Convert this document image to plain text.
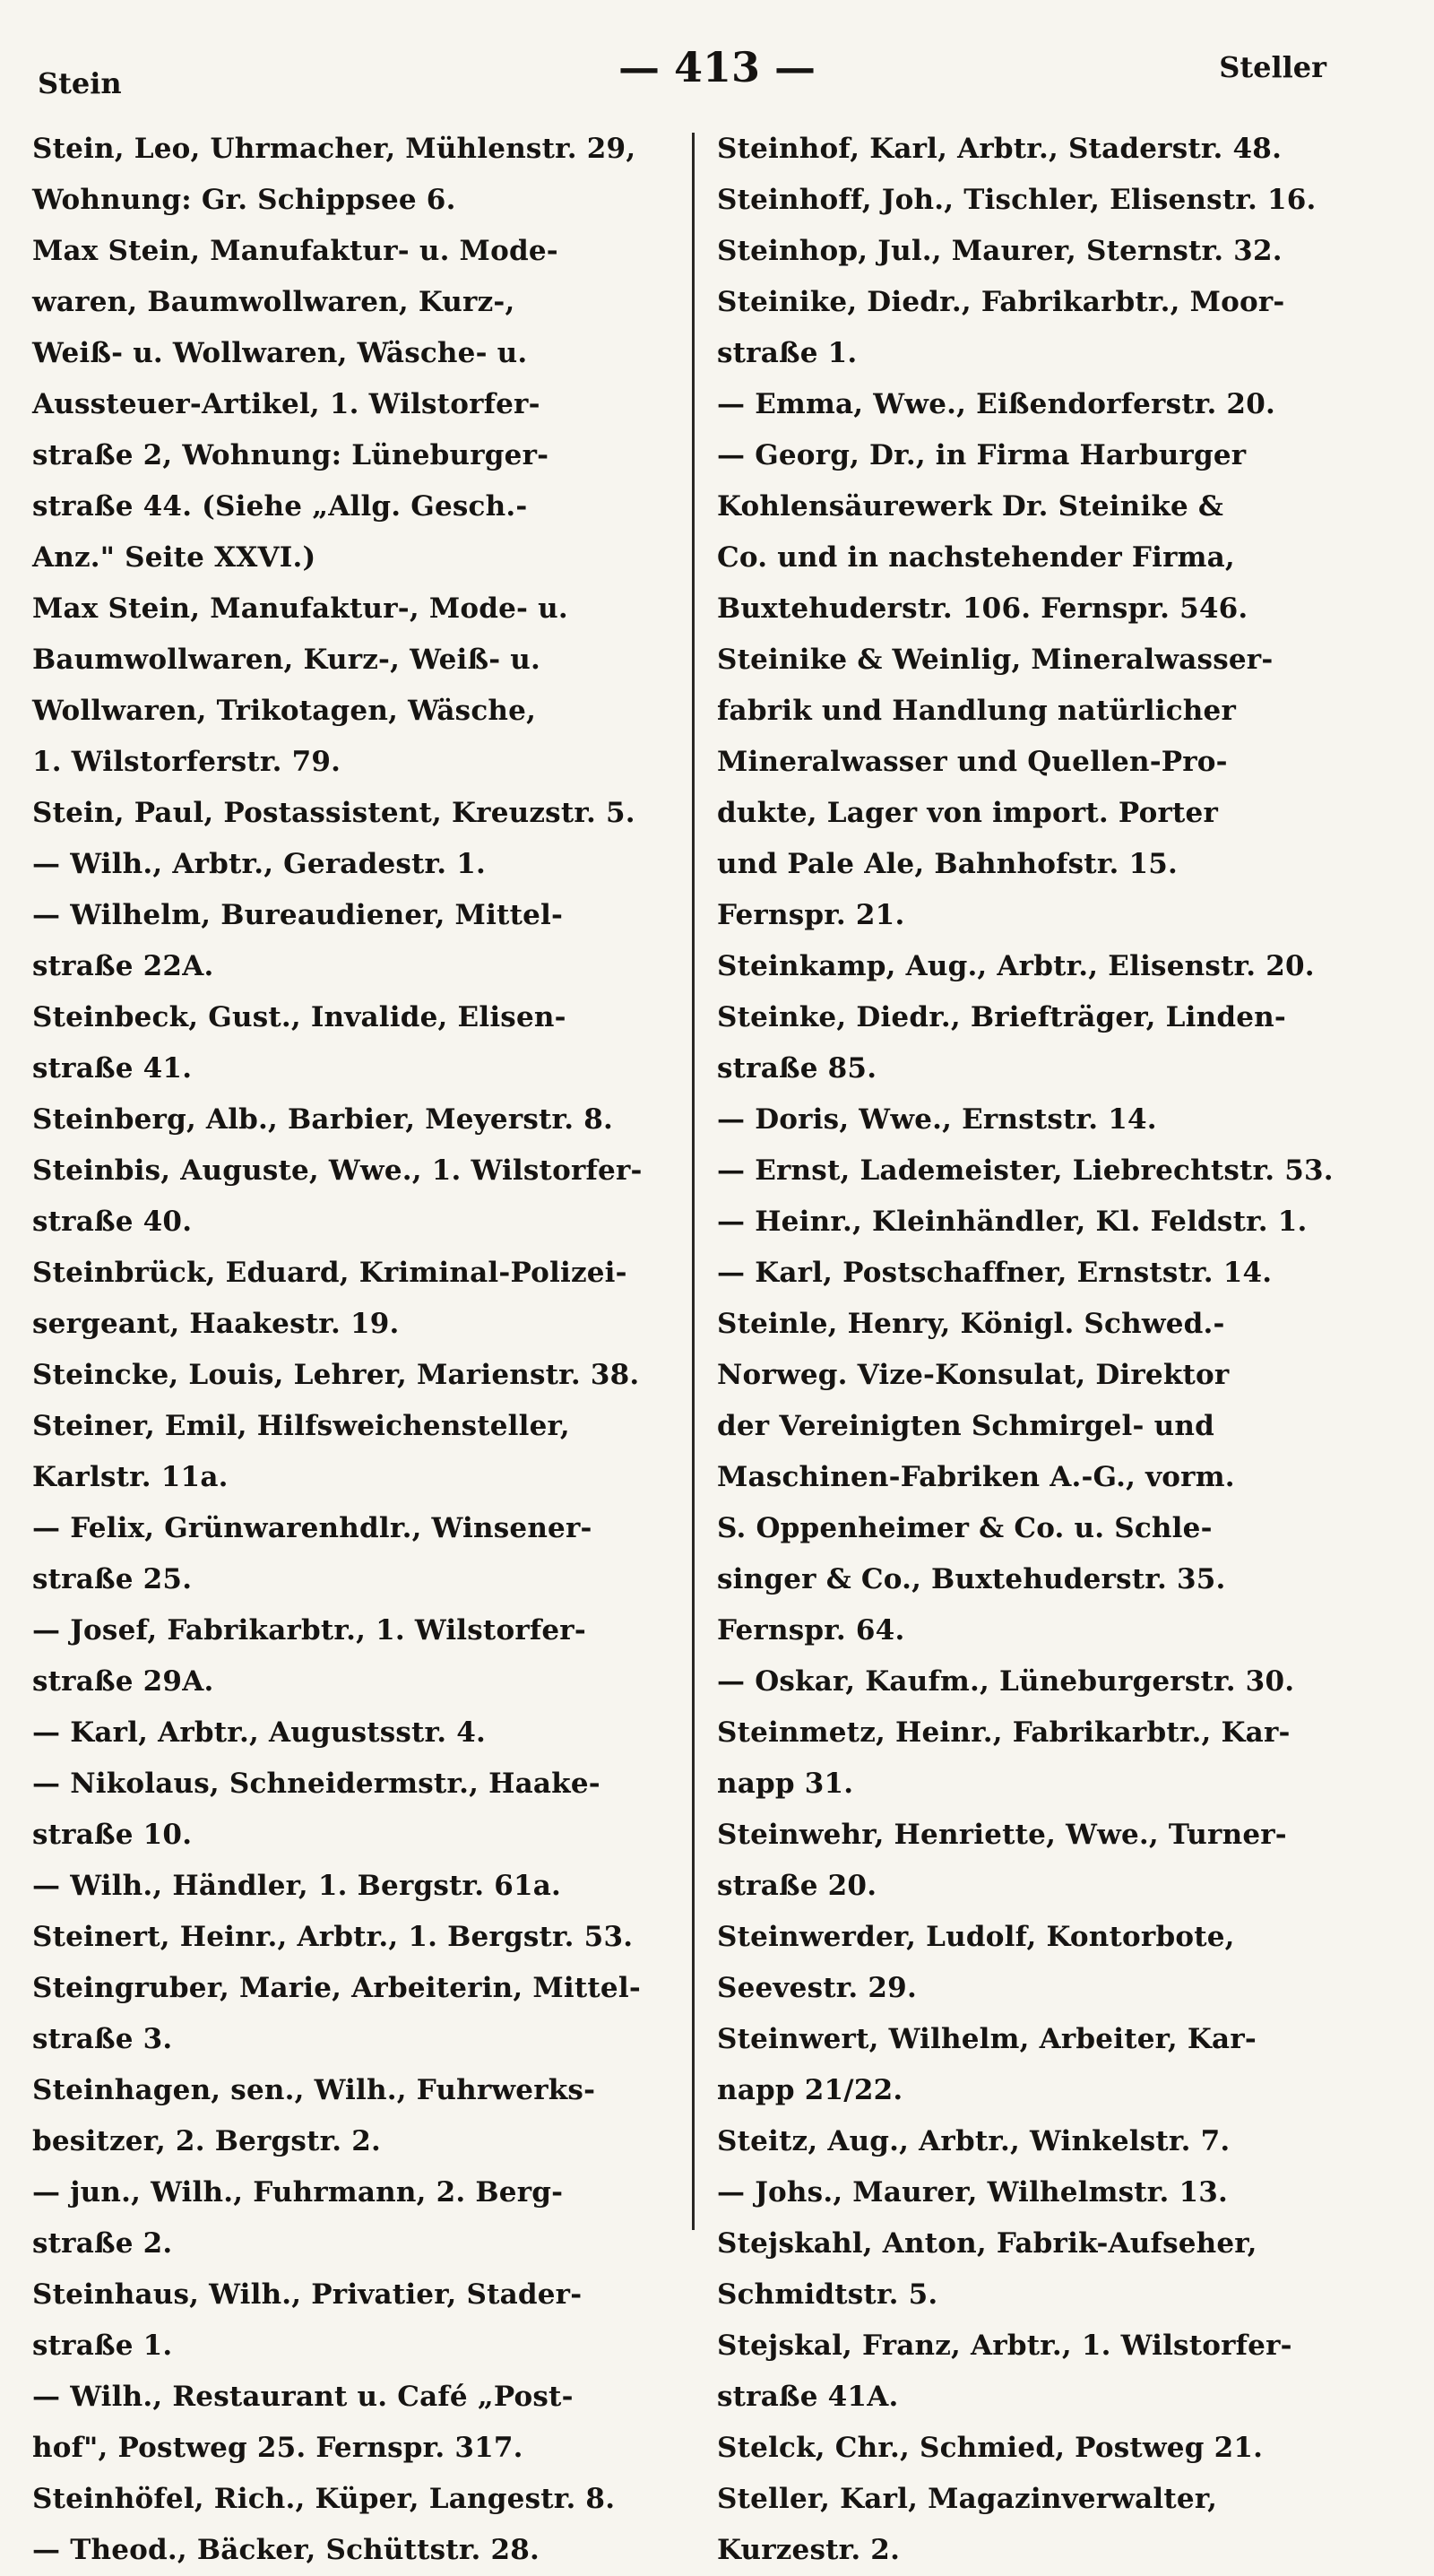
Stein	— 413 —	Steller
Stein, Leo, Uhrmacher, Mühlenstr. 29,
Wohnung: Gr. Schippsee 6.
Max Stein, Manufaktur- u. Mode-
waren, Baumwollwaren, Kurz-,
Weiß- u. Wollwaren, Wäsche- u.
Aussteuer-Artikel, 1. Wilstorfer-
straße 2, Wohnung: Lüneburger-
straße 44. (Siehe „Allg. Gesch.-
Anz." Seite XXVI.)
Max Stein, Manufaktur-, Mode- u.
Baumwollwaren, Kurz-, Weiß- u.
Wollwaren, Trikotagen, Wäsche,
1. Wilstorferstr. 79.
Stein, Paul, Postassistent, Kreuzstr. 5.
— Wilh., Arbtr., Geradestr. 1.
— Wilhelm, Bureaudiener, Mittel-
straße 22A.
Steinbeck, Gust., Invalide, Elisen-
straße 41.
Steinberg, Alb., Barbier, Meyerstr. 8.
Steinbis, Auguste, Wwe., 1. Wilstorfer-
straße 40.
Steinbrück, Eduard, Kriminal-Polizei-
sergeant, Haakestr. 19.
Steincke, Louis, Lehrer, Marienstr. 38.
Steiner, Emil, Hilfsweichensteller,
Karlstr. 11a.
— Felix, Grünwarenhdlr., Winsener-
straße 25.
— Josef, Fabrikarbtr., 1. Wilstorfer-
straße 29A.
— Karl, Arbtr., Augustsstr. 4.
— Nikolaus, Schneidermstr., Haake-
straße 10.
— Wilh., Händler, 1. Bergstr. 61a.
Steinert, Heinr., Arbtr., 1. Bergstr. 53.
Steingruber, Marie, Arbeiterin, Mittel-
straße 3.
Steinhagen, sen., Wilh., Fuhrwerks-
besitzer, 2. Bergstr. 2.
— jun., Wilh., Fuhrmann, 2. Berg-
straße 2.
Steinhaus, Wilh., Privatier, Stader-
straße 1.
— Wilh., Restaurant u. Café „Post-
hof", Postweg 25. Fernspr. 317.
Steinhöfel, Rich., Küper, Langestr. 8.
— Theod., Bäcker, Schüttstr. 28.
Steinhof, Karl, Arbtr., Staderstr. 48.
Steinhoff, Joh., Tischler, Elisenstr. 16.
Steinhop, Jul., Maurer, Sternstr. 32.
Steinike, Diedr., Fabrikarbtr., Moor-
straße 1.
— Emma, Wwe., Eißendorferstr. 20.
— Georg, Dr., in Firma Harburger
Kohlensäurewerk Dr. Steinike &
Co. und in nachstehender Firma,
Buxtehuderstr. 106. Fernspr. 546.
Steinike & Weinlig, Mineralwasser-
fabrik und Handlung natürlicher
Mineralwasser und Quellen-Pro-
dukte, Lager von import. Porter
und Pale Ale, Bahnhofstr. 15.
Fernspr. 21.
Steinkamp, Aug., Arbtr., Elisenstr. 20.
Steinke, Diedr., Briefträger, Linden-
straße 85.
— Doris, Wwe., Ernststr. 14.
— Ernst, Lademeister, Liebrechtstr. 53.
— Heinr., Kleinhändler, Kl. Feldstr. 1.
— Karl, Postschaffner, Ernststr. 14.
Steinle, Henry, Königl. Schwed.-
Norweg. Vize-Konsulat, Direktor
der Vereinigten Schmirgel- und
Maschinen-Fabriken A.-G., vorm.
S. Oppenheimer & Co. u. Schle-
singer & Co., Buxtehuderstr. 35.
Fernspr. 64.
— Oskar, Kaufm., Lüneburgerstr. 30.
Steinmetz, Heinr., Fabrikarbtr., Kar-
napp 31.
Steinwehr, Henriette, Wwe., Turner-
straße 20.
Steinwerder, Ludolf, Kontorbote,
Seevestr. 29.
Steinwert, Wilhelm, Arbeiter, Kar-
napp 21/22.
Steitz, Aug., Arbtr., Winkelstr. 7.
— Johs., Maurer, Wilhelmstr. 13.
Stejskahl, Anton, Fabrik-Aufseher,
Schmidtstr. 5.
Stejskal, Franz, Arbtr., 1. Wilstorfer-
straße 41A.
Stelck, Chr., Schmied, Postweg 21.
Steller, Karl, Magazinverwalter,
Kurzestr. 2.
